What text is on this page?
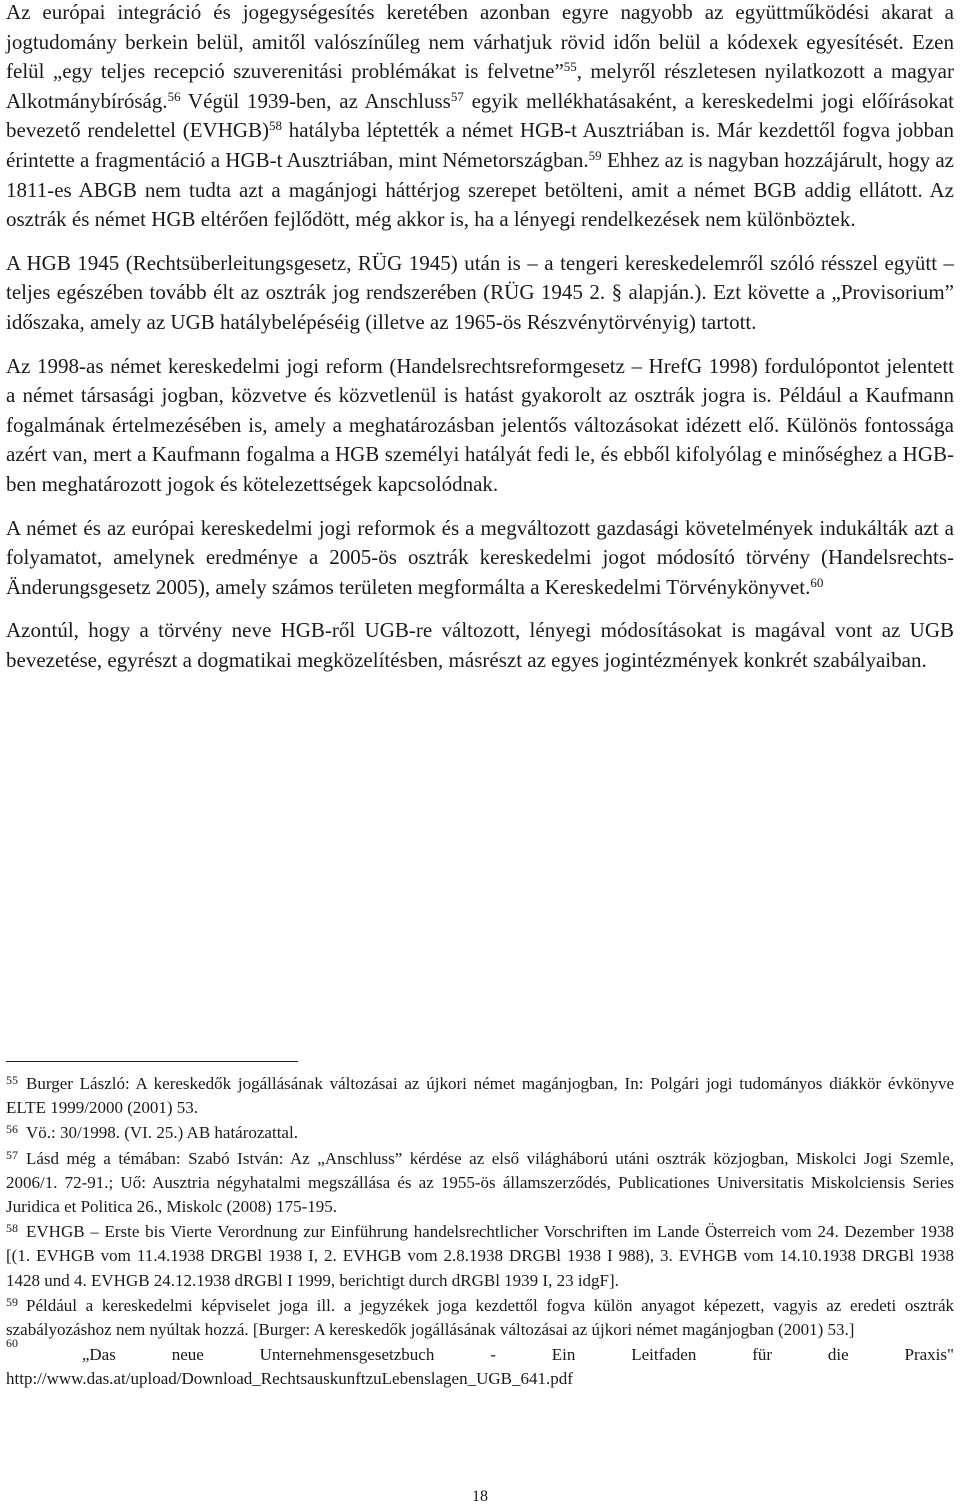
Az európai integráció és jogegységesítés keretében azonban egyre nagyobb az együttműködési akarat a jogtudomány berkein belül, amitől valószínűleg nem várhatjuk rövid időn belül a kódexek egyesítését. Ezen felül „egy teljes recepció szuverenitási problémákat is felvetne”$^{55}$, melyről részletesen nyilatkozott a magyar Alkotmánybíróság.$^{56}$ Végül 1939-ben, az Anschluss$^{57}$ egyik mellékhatásaként, a kereskedelmi jogi előírásokat bevezető rendelettel (EVHGB)$^{58}$ hatályba léptették a német HGB-t Ausztriában is. Már kezdettől fogva jobban érintette a fragmentáció a HGB-t Ausztriában, mint Németországban.$^{59}$ Ehhez az is nagyban hozzájárult, hogy az 1811-es ABGB nem tudta azt a magánjogi háttérjog szerepet betölteni, amit a német BGB addig ellátott. Az osztrák és német HGB eltérően fejlődött, még akkor is, ha a lényegi rendelkezések nem különböztek.

A HGB 1945 (Rechtsüberleitungsgesetz, RÜG 1945) után is – a tengeri kereskedelemről szóló résszel együtt – teljes egészében tovább élt az osztrák jog rendszerében (RÜG 1945 2. § alapján.). Ezt követte a „Provisorium” időszaka, amely az UGB hatálybelépéséig (illetve az 1965-ös Részvénytörvényig) tartott.

Az 1998-as német kereskedelmi jogi reform (Handelsrechtsreformgesetz – HrefG 1998) fordulópontot jelentett a német társasági jogban, közvetve és közvetlenül is hatást gyakorolt az osztrák jogra is. Például a Kaufmann fogalmának értelmezésében is, amely a meghatározásban jelentős változásokat idézett elő. Különös fontossága azért van, mert a Kaufmann fogalma a HGB személyi hatályát fedi le, és ebből kifolyólag e minőséghez a HGB-ben meghatározott jogok és kötelezettségek kapcsolódnak.

A német és az európai kereskedelmi jogi reformok és a megváltozott gazdasági követelmények indukálták azt a folyamatot, amelynek eredménye a 2005-ös osztrák kereskedelmi jogot módosító törvény (Handelsrechts-Änderungsgesetz 2005), amely számos területen megformálta a Kereskedelmi Törvénykönyvet.$^{60}$

Azontúl, hogy a törvény neve HGB-ről UGB-re változott, lényegi módosításokat is magával vont az UGB bevezetése, egyrészt a dogmatikai megközelítésben, másrészt az egyes jogintézmények konkrét szabályaiban.

$^{55}$ Burger László: A kereskedők jogállásának változásai az újkori német magánjogban, In: Polgári jogi tudományos diákkör évkönyve ELTE 1999/2000 (2001) 53.

$^{56}$ Vö.: 30/1998. (VI. 25.) AB határozattal.

$^{57}$ Lásd még a témában: Szabó István: Az „Anschluss” kérdése az első világháború utáni osztrák közjogban, Miskolci Jogi Szemle, 2006/1. 72-91.; Uő: Ausztria négyhatalmi megszállása és az 1955-ös államszerződés, Publicationes Universitatis Miskolciensis Series Juridica et Politica 26., Miskolc (2008) 175-195.

$^{58}$ EVHGB – Erste bis Vierte Verordnung zur Einführung handelsrechtlicher Vorschriften im Lande Österreich vom 24. Dezember 1938 [(1. EVHGB vom 11.4.1938 DRGBl 1938 I, 2. EVHGB vom 2.8.1938 DRGBl 1938 I 988), 3. EVHGB vom 14.10.1938 DRGBl 1938 1428 und 4. EVHGB 24.12.1938 dRGBl I 1999, berichtigt durch dRGBl 1939 I, 23 idgF].

$^{59}$ Például a kereskedelmi képviselet joga ill. a jegyzékek joga kezdettől fogva külön anyagot képezett, vagyis az eredeti osztrák szabályozáshoz nem nyúltak hozzá. [Burger: A kereskedők jogállásának változásai az újkori német magánjogban (2001) 53.]

60
„Das	neue	Unternehmensgesetzbuch	-	Ein	Leitfaden	für	die	Praxis"
http://www.das.at/upload/Download_RechtsauskunftzuLebenslagen_UGB_641.pdf
18
